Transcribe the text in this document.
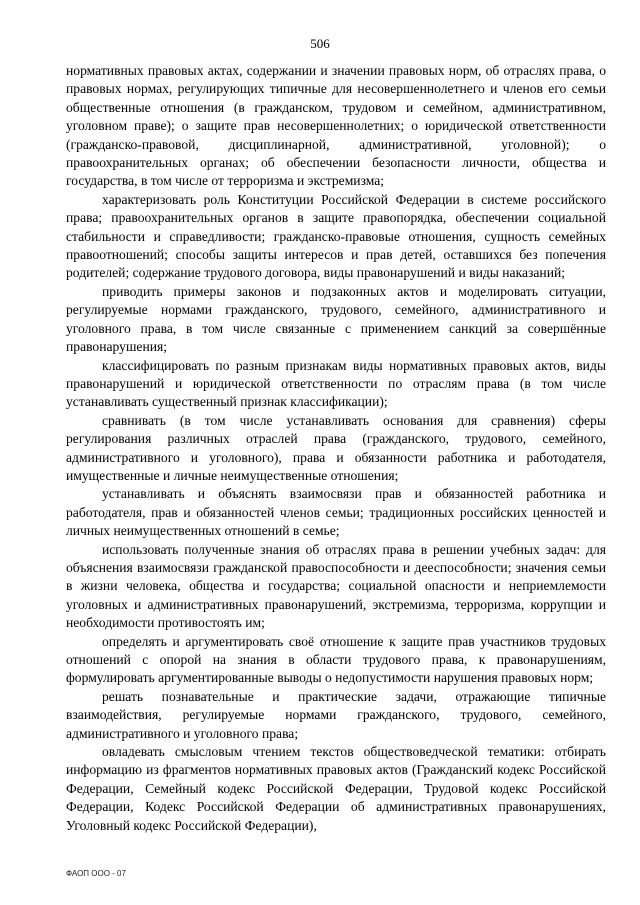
506

нормативных правовых актах, содержании и значении правовых норм, об отраслях права, о правовых нормах, регулирующих типичные для несовершеннолетнего и членов его семьи общественные отношения (в гражданском, трудовом и семейном, административном, уголовном праве); о защите прав несовершеннолетних; о юридической ответственности (гражданско-правовой, дисциплинарной, административной, уголовной); о правоохранительных органах; об обеспечении безопасности личности, общества и государства, в том числе от терроризма и экстремизма;

характеризовать роль Конституции Российской Федерации в системе российского права; правоохранительных органов в защите правопорядка, обеспечении социальной стабильности и справедливости; гражданско-правовые отношения, сущность семейных правоотношений; способы защиты интересов и прав детей, оставшихся без попечения родителей; содержание трудового договора, виды правонарушений и виды наказаний;

приводить примеры законов и подзаконных актов и моделировать ситуации, регулируемые нормами гражданского, трудового, семейного, административного и уголовного права, в том числе связанные с применением санкций за совершённые правонарушения;

классифицировать по разным признакам виды нормативных правовых актов, виды правонарушений и юридической ответственности по отраслям права (в том числе устанавливать существенный признак классификации);

сравнивать (в том числе устанавливать основания для сравнения) сферы регулирования различных отраслей права (гражданского, трудового, семейного, административного и уголовного), права и обязанности работника и работодателя, имущественные и личные неимущественные отношения;

устанавливать и объяснять взаимосвязи прав и обязанностей работника и работодателя, прав и обязанностей членов семьи; традиционных российских ценностей и личных неимущественных отношений в семье;

использовать полученные знания об отраслях права в решении учебных задач: для объяснения взаимосвязи гражданской правоспособности и дееспособности; значения семьи в жизни человека, общества и государства; социальной опасности и неприемлемости уголовных и административных правонарушений, экстремизма, терроризма, коррупции и необходимости противостоять им;

определять и аргументировать своё отношение к защите прав участников трудовых отношений с опорой на знания в области трудового права, к правонарушениям, формулировать аргументированные выводы о недопустимости нарушения правовых норм;

решать познавательные и практические задачи, отражающие типичные взаимодействия, регулируемые нормами гражданского, трудового, семейного, административного и уголовного права;

овладевать смысловым чтением текстов обществоведческой тематики: отбирать информацию из фрагментов нормативных правовых актов (Гражданский кодекс Российской Федерации, Семейный кодекс Российской Федерации, Трудовой кодекс Российской Федерации, Кодекс Российской Федерации об административных правонарушениях, Уголовный кодекс Российской Федерации),

ФАОП ООО - 07
